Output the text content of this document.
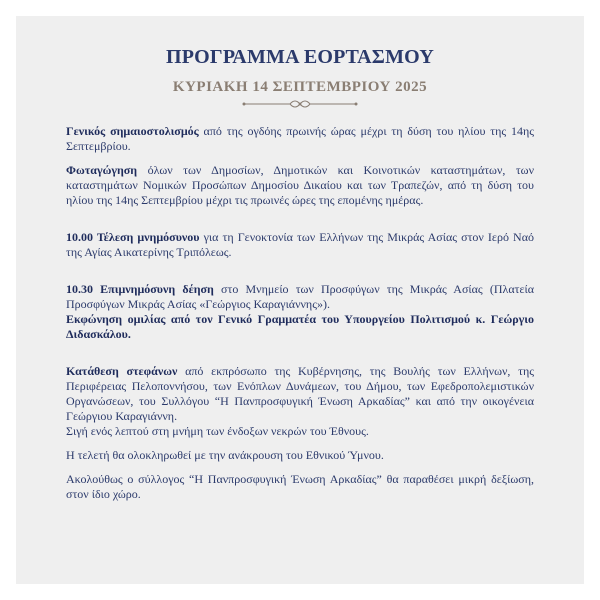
ΠΡΟΓΡΑΜΜΑ ΕΟΡΤΑΣΜΟΥ
ΚΥΡΙΑΚΗ 14 ΣΕΠΤΕΜΒΡΙΟΥ 2025

Γενικός σημαιοστολισμός από της ογδόης πρωινής ώρας μέχρι τη δύση του ηλίου της 14ης Σεπτεμβρίου.

Φωταγώγηση όλων των Δημοσίων, Δημοτικών και Κοινοτικών καταστημάτων, των καταστημάτων Νομικών Προσώπων Δημοσίου Δικαίου και των Τραπεζών, από τη δύση του ηλίου της 14ης Σεπτεμβρίου μέχρι τις πρωινές ώρες της επομένης ημέρας.

10.00 Τέλεση μνημόσυνου για τη Γενοκτονία των Ελλήνων της Μικράς Ασίας στον Ιερό Ναό της Αγίας Αικατερίνης Τριπόλεως.

10.30 Επιμνημόσυνη δέηση στο Μνημείο των Προσφύγων της Μικράς Ασίας (Πλατεία Προσφύγων Μικράς Ασίας «Γεώργιος Καραγιάννης»).

Εκφώνηση ομιλίας από τον Γενικό Γραμματέα του Υπουργείου Πολιτισμού κ. Γεώργιο Διδασκάλου.

Κατάθεση στεφάνων από εκπρόσωπο της Κυβέρνησης, της Βουλής των Ελλήνων, της Περιφέρειας Πελοποννήσου, των Ενόπλων Δυνάμεων, του Δήμου, των Εφεδροπολεμιστικών Οργανώσεων, του Συλλόγου “Η Πανπροσφυγική Ένωση Αρκαδίας” και από την οικογένεια Γεώργιου Καραγιάννη.

Σιγή ενός λεπτού στη μνήμη των ένδοξων νεκρών του Έθνους.

Η τελετή θα ολοκληρωθεί με την ανάκρουση του Εθνικού Ύμνου.

Ακολούθως ο σύλλογος “Η Πανπροσφυγική Ένωση Αρκαδίας” θα παραθέσει μικρή δεξίωση, στον ίδιο χώρο.
